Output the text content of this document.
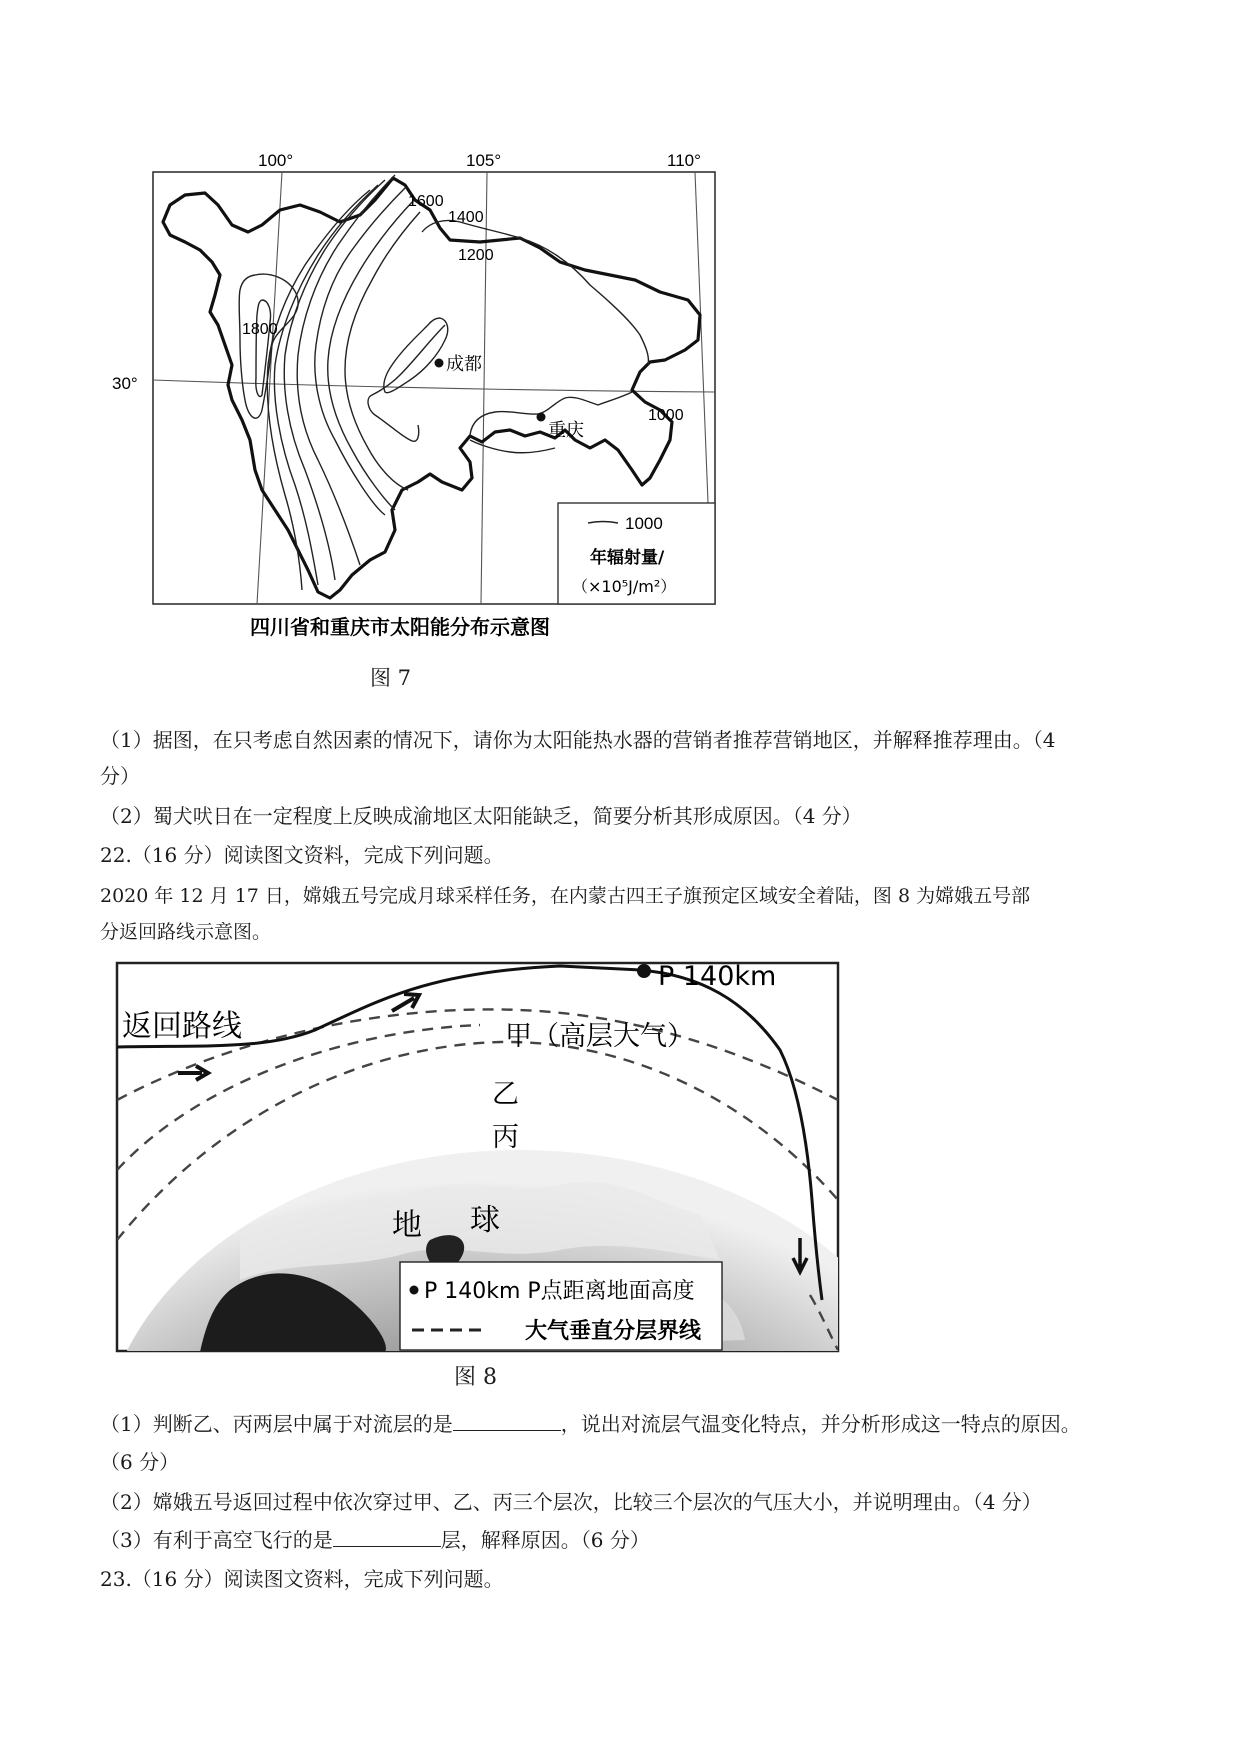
100°	105°	110°
30°
1600
1400
1200
1800
1000
成都
重庆
1000
年辐射量/
（×10⁵J/m²）
四川省和重庆市太阳能分布示意图
图 7
（1）据图，在只考虑自然因素的情况下，请你为太阳能热水器的营销者推荐营销地区，并解释推荐理由。（4
分）
（2）蜀犬吠日在一定程度上反映成渝地区太阳能缺乏，简要分析其形成原因。（4 分）
22.（16 分）阅读图文资料，完成下列问题。
2020 年 12 月 17 日，嫦娥五号完成月球采样任务，在内蒙古四王子旗预定区域安全着陆，图 8 为嫦娥五号部
分返回路线示意图。
返回路线
P 140km
甲（高层大气）
乙
丙
地 球
P 140km P点距离地面高度
大气垂直分层界线
图 8
（1）判断乙、丙两层中属于对流层的是	，说出对流层气温变化特点，并分析形成这一特点的原因。
（6 分）
（2）嫦娥五号返回过程中依次穿过甲、乙、丙三个层次，比较三个层次的气压大小，并说明理由。（4 分）
（3）有利于高空飞行的是	层，解释原因。（6 分）
23.（16 分）阅读图文资料，完成下列问题。
